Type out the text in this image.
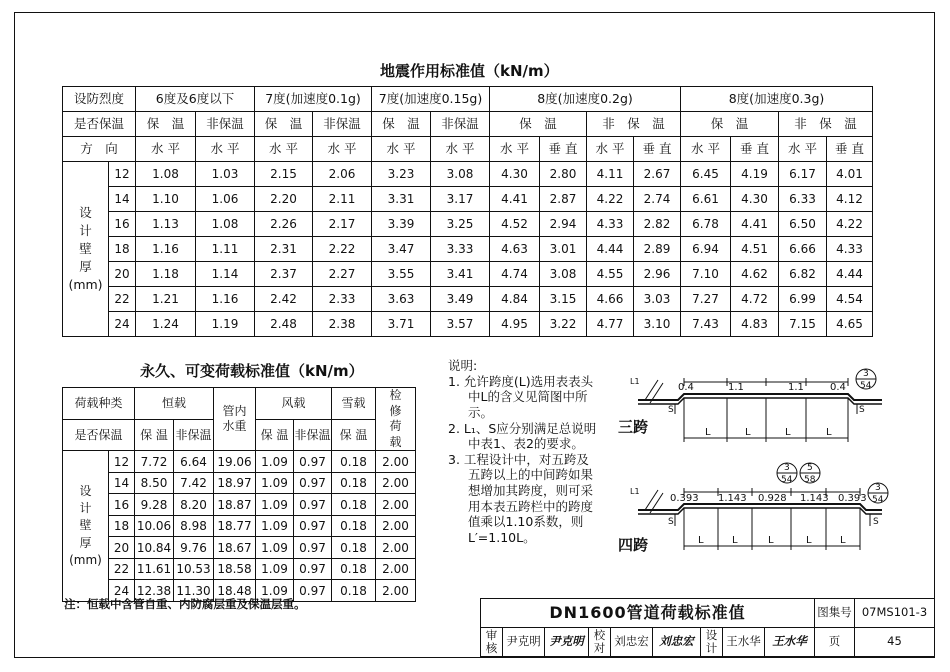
地震作用标准值（kN/m）
设防烈度		6度及6度以下		7度(加速度0.1g)		7度(加速度0.15g)		8度(加速度0.2g)				8度(加速度0.3g)			
是否保温		保　温	非保温	保　温	非保温	保　温	非保温	保　温		非　保　温		保　温		非　保　温	
方　向		水 平	水 平	水 平	水 平	水 平	水 平	水 平	垂 直	水 平	垂 直	水 平	垂 直	水 平	垂 直
设
计
壁
厚
(mm)	12	1.08	1.03	2.15	2.06	3.23	3.08	4.30	2.80	4.11	2.67	6.45	4.19	6.17	4.01
	14	1.10	1.06	2.20	2.11	3.31	3.17	4.41	2.87	4.22	2.74	6.61	4.30	6.33	4.12
	16	1.13	1.08	2.26	2.17	3.39	3.25	4.52	2.94	4.33	2.82	6.78	4.41	6.50	4.22
	18	1.16	1.11	2.31	2.22	3.47	3.33	4.63	3.01	4.44	2.89	6.94	4.51	6.66	4.33
	20	1.18	1.14	2.37	2.27	3.55	3.41	4.74	3.08	4.55	2.96	7.10	4.62	6.82	4.44
	22	1.21	1.16	2.42	2.33	3.63	3.49	4.84	3.15	4.66	3.03	7.27	4.72	6.99	4.54
	24	1.24	1.19	2.48	2.38	3.71	3.57	4.95	3.22	4.77	3.10	7.43	4.83	7.15	4.65
永久、可变荷载标准值（kN/m）
荷载种类		恒载		管内水重	风载		雪载	检修荷载
是否保温		保 温	非保温		保 温	非保温	保 温	
设
计
壁
厚
(mm)	12	7.72	6.64	19.06	1.09	0.97	0.18	2.00
	14	8.50	7.42	18.97	1.09	0.97	0.18	2.00
	16	9.28	8.20	18.87	1.09	0.97	0.18	2.00
	18	10.06	8.98	18.77	1.09	0.97	0.18	2.00
	20	10.84	9.76	18.67	1.09	0.97	0.18	2.00
	22	11.61	10.53	18.58	1.09	0.97	0.18	2.00
	24	12.38	11.30	18.48	1.09	0.97	0.18	2.00
注：恒载中含管自重、内防腐层重及保温层重。
说明:
1. 允许跨度(L)选用表表头中L的含义见简图中所示。
2. L₁、S应分别满足总说明中表1、表2的要求。
3. 工程设计中，对五跨及五跨以上的中间跨如果想增加其跨度，则可采用本表五跨栏中的跨度值乘以1.10系数，则L′=1.10L。
0.4	1.1	1.1	0.4
L1
S	S
L	L	L	L
3
54
三跨
0.393 1.143 0.928 1.143 0.393
L1
S	S
L	L	L	L	L
3
54
5
58
3
54
四跨
DN1600管道荷载标准值									图集号	07MS101-3
审核	尹克明	尹克明	校对	刘忠宏	刘忠宏	设计	王水华	王水华	页	45
